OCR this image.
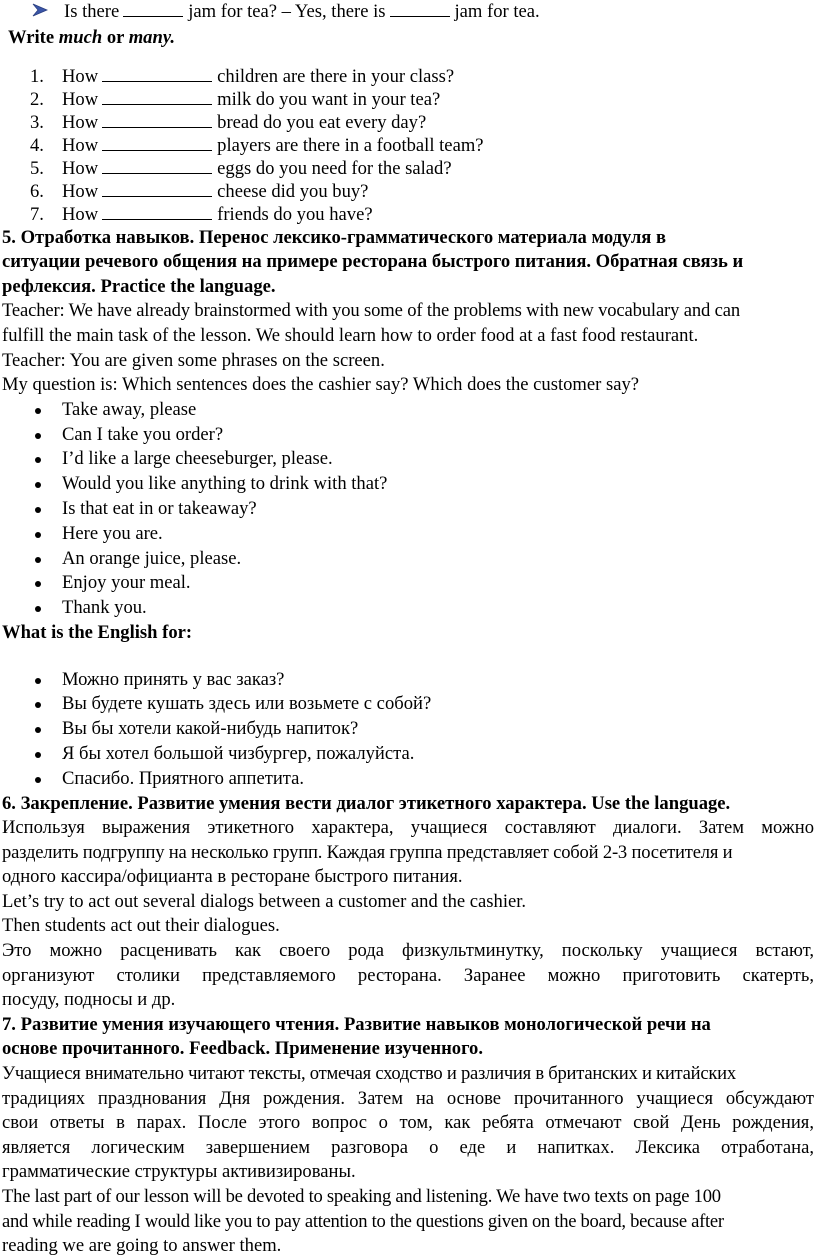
Is there	jam for tea? – Yes, there is	jam for tea.
Write much or many.
1. How	children are there in your class?
2. How	milk do you want in your tea?
3. How	bread do you eat every day?
4. How	players are there in a football team?
5. How	eggs do you need for the salad?
6. How	cheese did you buy?
7. How	friends do you have?
5. Отработка навыков. Перенос лексико-грамматического материала модуля в
ситуации речевого общения на примере ресторана быстрого питания. Обратная связь и
рефлексия. Practice the language.
Teacher: We have already brainstormed with you some of the problems with new vocabulary and can
fulfill the main task of the lesson. We should learn how to order food at a fast food restaurant.
Teacher: You are given some phrases on the screen.
My question is: Which sentences does the cashier say? Which does the customer say?
Take away, please
Can I take you order?
I’d like a large cheeseburger, please.
Would you like anything to drink with that?
Is that eat in or takeaway?
Here you are.
An orange juice, please.
Enjoy your meal.
Thank you.
What is the English for:
Можно принять у вас заказ?
Вы будете кушать здесь или возьмете с собой?
Вы бы хотели какой-нибудь напиток?
Я бы хотел большой чизбургер, пожалуйста.
Спасибо. Приятного аппетита.
6. Закрепление. Развитие умения вести диалог этикетного характера. Use the language.
Используя выражения этикетного характера, учащиеся составляют диалоги. Затем можно
разделить подгруппу на несколько групп. Каждая группа представляет собой 2-3 посетителя и
одного кассира/официанта в ресторане быстрого питания.
Let’s try to act out several dialogs between a customer and the cashier.
Then students act out their dialogues.
Это можно расценивать как своего рода физкультминутку, поскольку учащиеся встают,
организуют столики представляемого ресторана. Заранее можно приготовить скатерть,
посуду, подносы и др.
7. Развитие умения изучающего чтения. Развитие навыков монологической речи на
основе прочитанного. Feedback. Применение изученного.
Учащиеся внимательно читают тексты, отмечая сходство и различия в британских и китайских
традициях празднования Дня рождения. Затем на основе прочитанного учащиеся обсуждают
свои ответы в парах. После этого вопрос о том, как ребята отмечают свой День рождения,
является логическим завершением разговора о еде и напитках. Лексика отработана,
грамматические структуры активизированы.
The last part of our lesson will be devoted to speaking and listening. We have two texts on page 100
and while reading I would like you to pay attention to the questions given on the board, because after
reading we are going to answer them.
